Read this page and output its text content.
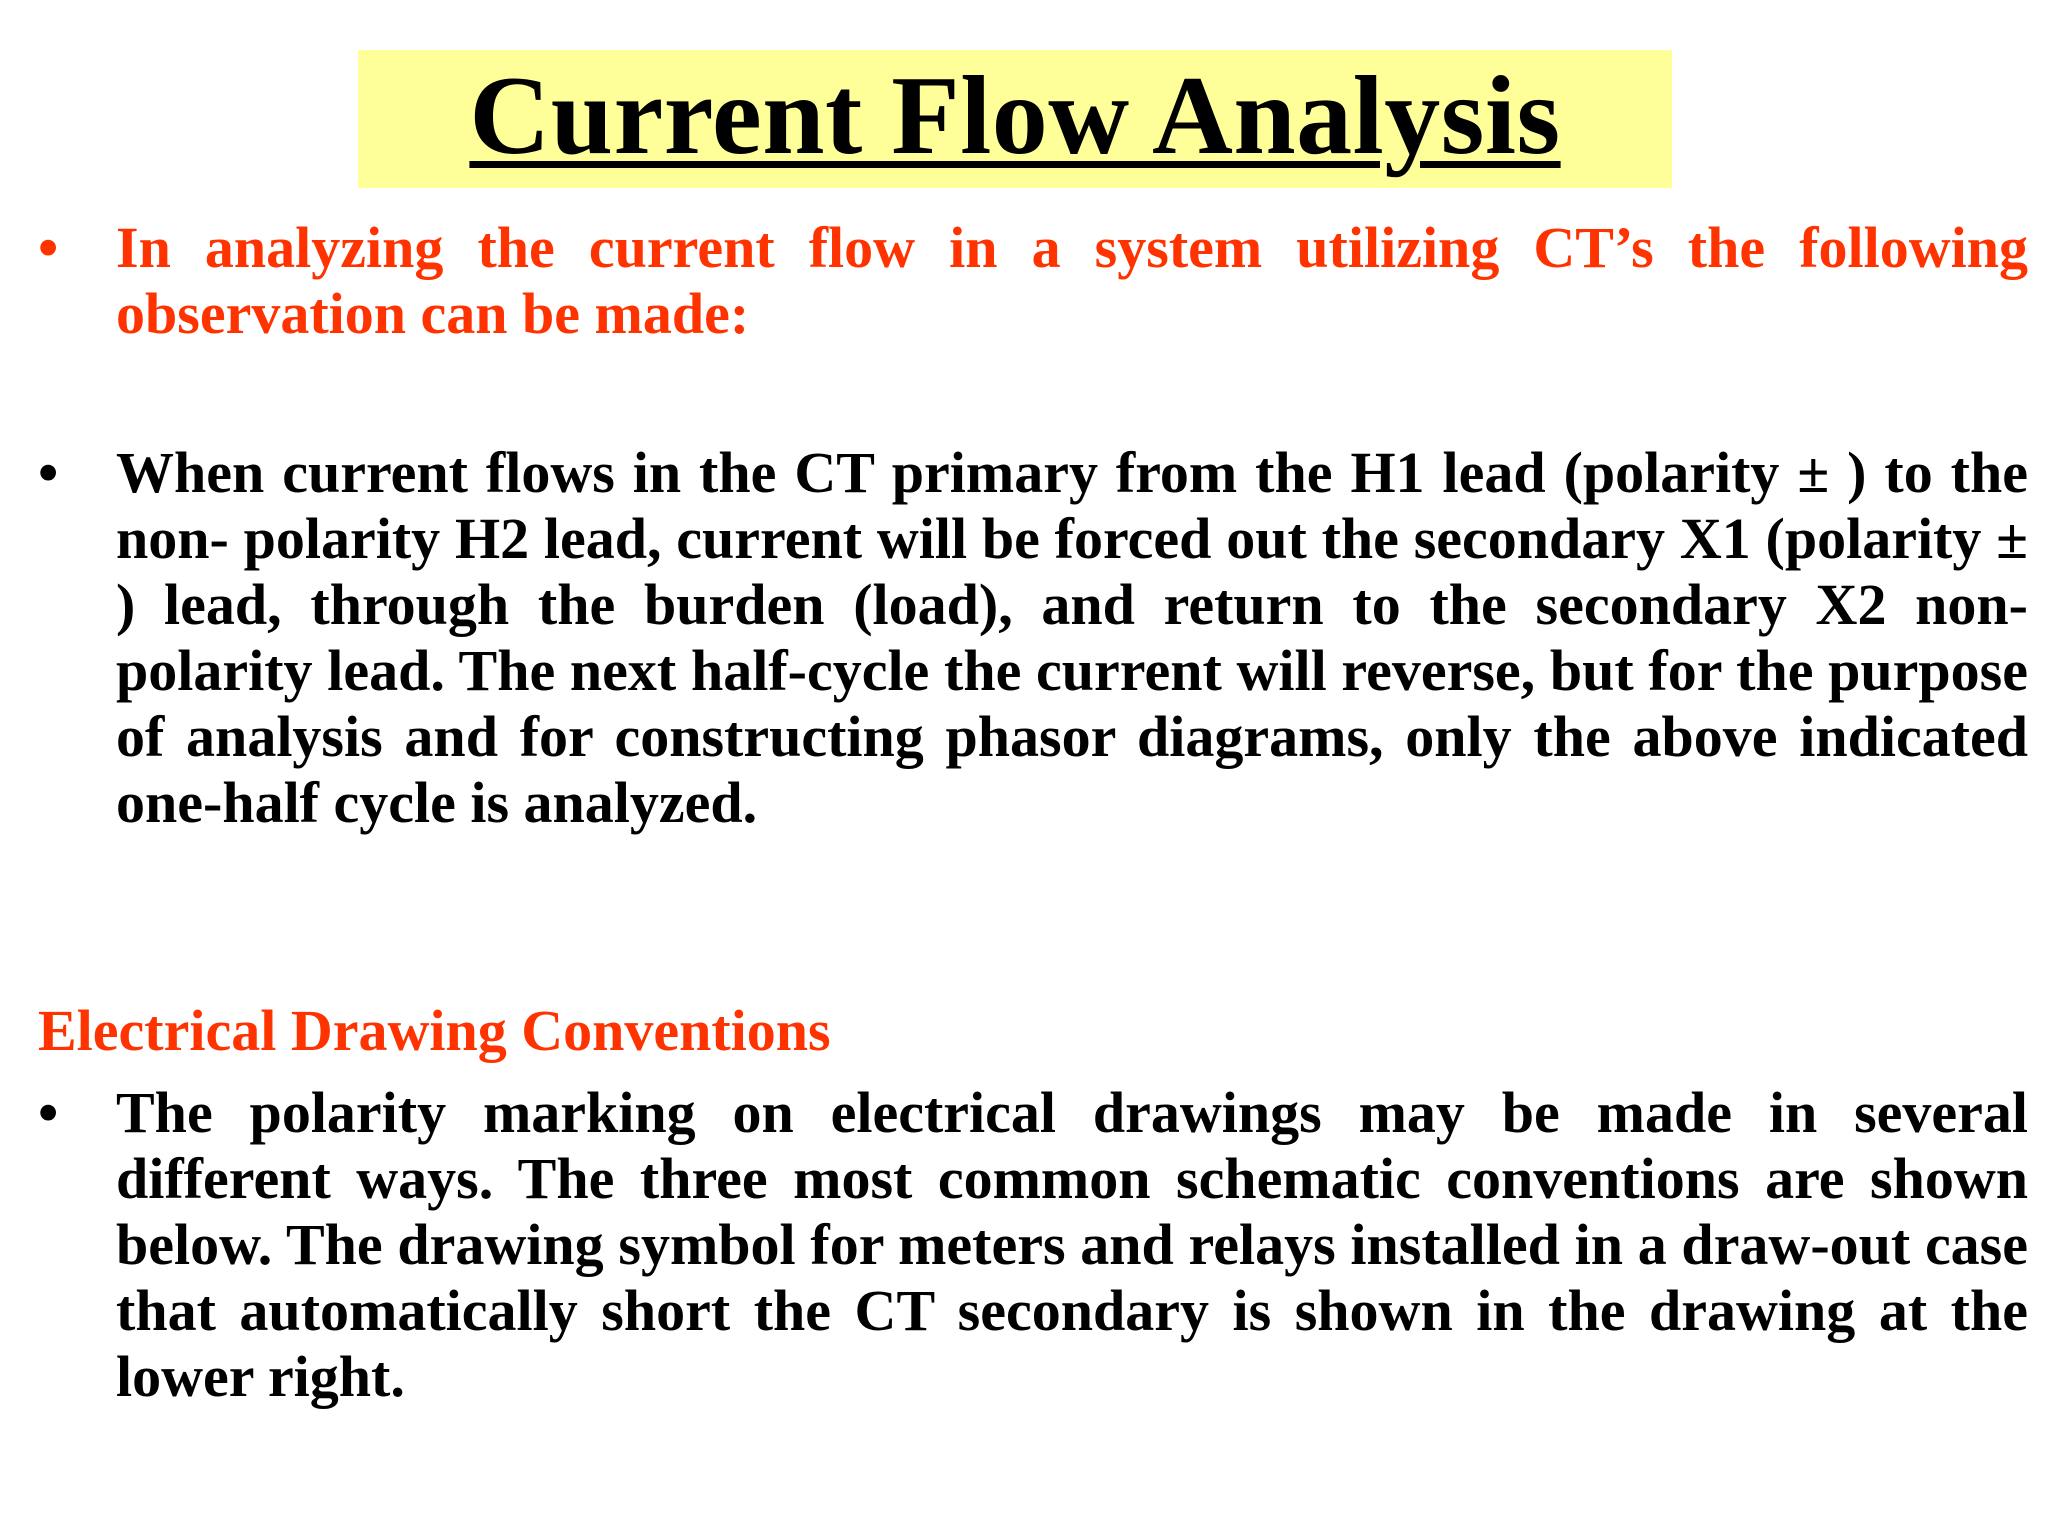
Current Flow Analysis
• In analyzing the current flow in a system utilizing CT’s the following observation can be made:

• When current flows in the CT primary from the H1 lead (polarity ± ) to the non- polarity H2 lead, current will be forced out the secondary X1 (polarity ± ) lead, through the burden (load), and return to the secondary X2 non-polarity lead. The next half-cycle the current will reverse, but for the purpose of analysis and for constructing phasor diagrams, only the above indicated one-half cycle is analyzed.

Electrical Drawing Conventions
• The polarity marking on electrical drawings may be made in several different ways. The three most common schematic conventions are shown below. The drawing symbol for meters and relays installed in a draw-out case that automatically short the CT secondary is shown in the drawing at the lower right.
